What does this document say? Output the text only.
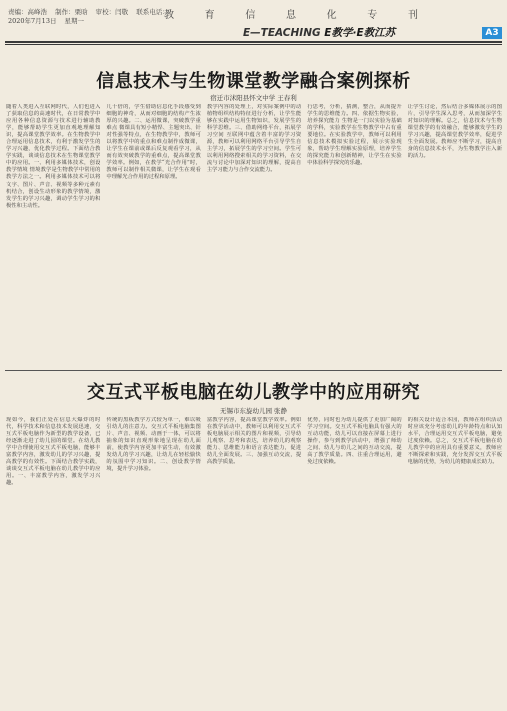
责编：高峰浩 制作：栗晗 审校：闫敬 联系电话：
2020年7月13日 星期一	教	育	信	息	化	专	刊
E—TEACHING E教学·E教江苏	A3
信息技术与生物课堂教学融合案例探析
宿迁市沭阳县怀文中学 王春利
随着人类进入互联网时代，人们也进入了获取信息的高速时代，在日常教学中应用各种信息资源与技术进行辅助教学，能够帮助学生更加直观地理解知识，提高课堂教学效率。在生物教学中合理运用信息技术，有利于激发学生的学习兴趣，优化教学过程。下面结合教学实践，谈谈信息技术在生物课堂教学中的应用。一、利用多媒体技术，创设教学情境 情境教学是生物教学中常用的教学方法之一。利用多媒体技术可以将文字、图片、声音、视频等多种元素有机结合，创设生动形象的教学情境，激发学生的学习兴趣，调动学生学习的积极性和主动性。
几十倍的，学生借助信息化手段感受到细胞的神奇，从而对细胞的结构产生浓厚的兴趣。二、运用微课，突破教学重难点 微课具有短小精悍、主题突出、针对性强等特点，在生物教学中，教师可以将教学中的重点和难点制作成微课，让学生在课前或课后反复观看学习，从而有效突破教学的重难点，提高课堂教学效率。例如，在教学“光合作用”时，教师可以制作相关微课，让学生在观看中理解光合作用的过程和原理。
教学内容的处理上，对实际案例中的动植物组织结构特征进行分析，让学生能够在实践中运用生物知识，发展学生的科学思维。三、借助网络平台，拓展学习空间 互联网中蕴含着丰富的学习资源，教师可以利用网络平台引导学生自主学习，拓展学生的学习空间。学生可以利用网络搜索相关的学习资料，在交流与讨论中加深对知识的理解，提高自主学习能力与合作交流能力。
行思考，分析，猜测，整合，从而提升学生的思维能力。四、依据生物实验，培养探究能力 生物是一门以实验为基础的学科，实验教学在生物教学中占有重要地位。在实验教学中，教师可以利用信息技术模拟实验过程，展示实验现象，帮助学生理解实验原理，培养学生的探究能力和创新精神，让学生在实验中体验科学探究的乐趣。
让学生讨论，然后结合多媒体展示的图片，引导学生深入思考，从而加深学生对知识的理解。总之，信息技术与生物课堂教学的有效融合，能够激发学生的学习兴趣，提高课堂教学效率，促进学生全面发展。教师应不断学习，提高自身的信息技术水平，为生物教学注入新的活力。
交互式平板电脑在幼儿教学中的应用研究
无锡市东旋幼儿园 张静
现如今，我们正处在信息大爆炸的时代，科学技术和信息技术发展迅速，交互式平板电脑作为新型的教学设备，已经逐渐走进了幼儿园的课堂。在幼儿教学中合理使用交互式平板电脑，能够丰富教学内容，激发幼儿的学习兴趣，提高教学的有效性。下面结合教学实践，谈谈交互式平板电脑在幼儿教学中的应用。一、丰富教学内容，激发学习兴趣。
传统的黑板教学方式较为单一，难以吸引幼儿的注意力。交互式平板电脑集图片、声音、视频、动画于一体，可以将抽象的知识直观形象地呈现在幼儿面前，使教学内容更加丰富生动，有效激发幼儿的学习兴趣，让幼儿在轻松愉快的氛围中学习知识。二、创设教学情境，提升学习体验。
富教学内容，提高课堂教学效率。例如在教学活动中，教师可以利用交互式平板电脑展示相关的图片和视频，引导幼儿观察、思考和表达，培养幼儿的观察能力、思维能力和语言表达能力，促进幼儿全面发展。三、加强互动交流，提高教学质量。
优势，同时也为幼儿提供了更加广阔的学习空间。交互式平板电脑具有强大的互动功能，幼儿可以直接在屏幕上进行操作，参与到教学活动中，增强了师幼之间、幼儿与幼儿之间的互动交流，提高了教学质量。四、注重合理运用，避免过度依赖。
的相关设计适合本园，教师在组织活动时应该充分考虑幼儿的年龄特点和认知水平，合理运用交互式平板电脑，避免过度依赖。总之，交互式平板电脑在幼儿教学中的应用具有重要意义，教师应不断探索和实践，充分发挥交互式平板电脑的优势，为幼儿的健康成长助力。
